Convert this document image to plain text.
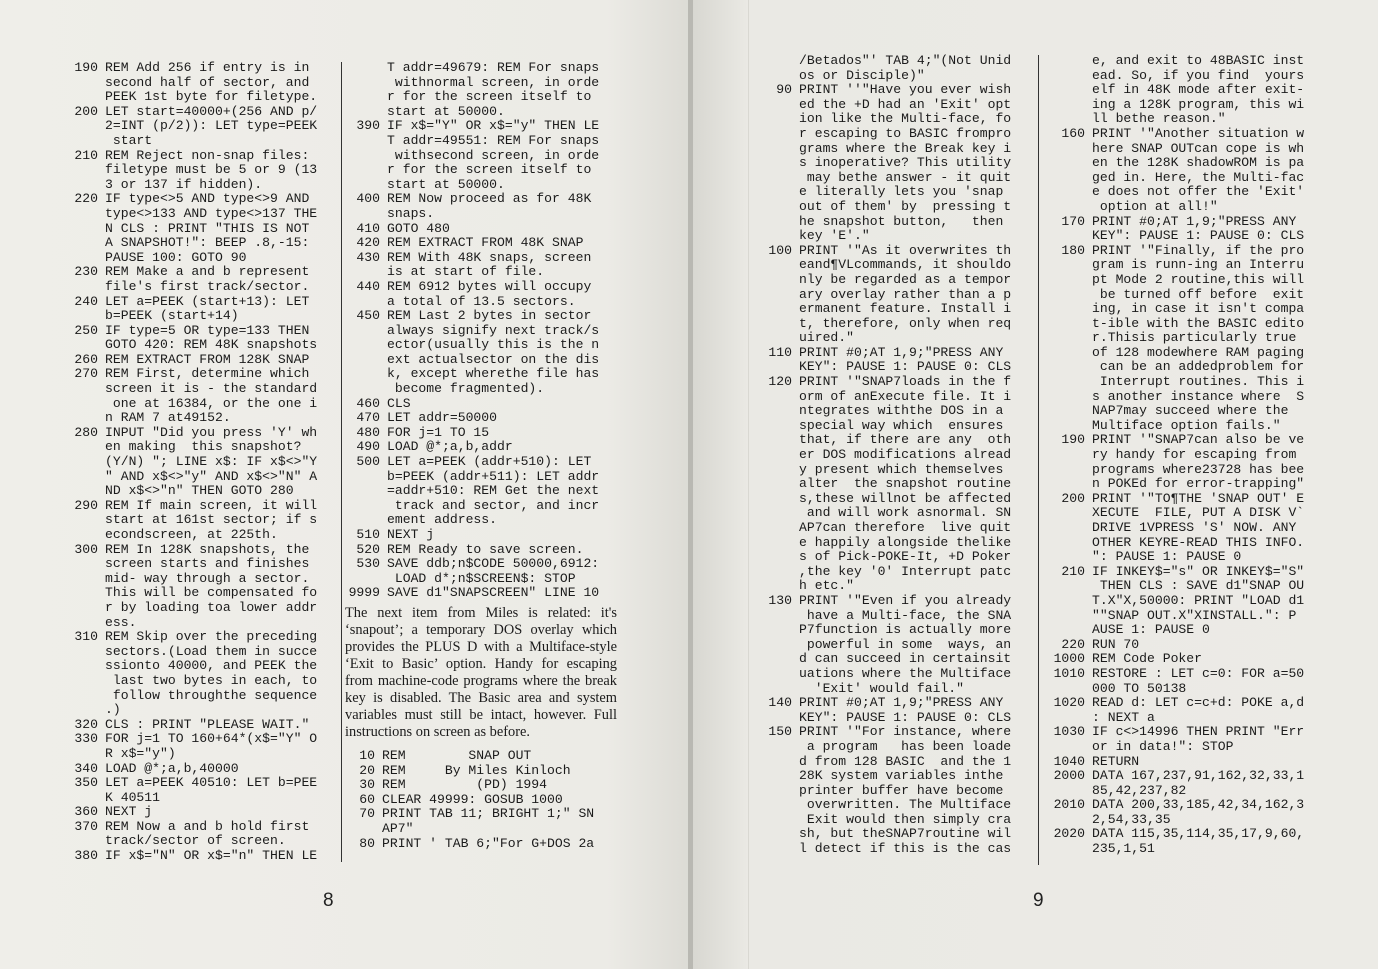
190 REM Add 256 if entry is in
second half of sector, and
PEEK 1st byte for filetype.
200 LET start=40000+(256 AND p/
2=INT (p/2)): LET type=PEEK
start
210 REM Reject non-snap files:
filetype must be 5 or 9 (13
3 or 137 if hidden).
220 IF type<>5 AND type<>9 AND
type<>133 AND type<>137 THE
N CLS : PRINT "THIS IS NOT
A SNAPSHOT!": BEEP .8,-15:
PAUSE 100: GOTO 90
230 REM Make a and b represent
file's first track/sector.
240 LET a=PEEK (start+13): LET
b=PEEK (start+14)
250 IF type=5 OR type=133 THEN
GOTO 420: REM 48K snapshots
260 REM EXTRACT FROM 128K SNAP
270 REM First, determine which
screen it is - the standard
one at 16384, or the one i
n RAM 7 at49152.
280 INPUT "Did you press 'Y' wh
en making  this snapshot?
(Y/N) "; LINE x$: IF x$<>"Y
" AND x$<>"y" AND x$<>"N" A
ND x$<>"n" THEN GOTO 280
290 REM If main screen, it will
start at 161st sector; if s
econdscreen, at 225th.
300 REM In 128K snapshots, the
screen starts and finishes
mid- way through a sector.
This will be compensated fo
r by loading toa lower addr
ess.
310 REM Skip over the preceding
sectors.(Load them in succe
ssionto 40000, and PEEK the
last two bytes in each, to
follow throughthe sequence
.)
320 CLS : PRINT "PLEASE WAIT."
330 FOR j=1 TO 160+64*(x$="Y" O
R x$="y")
340 LOAD @*;a,b,40000
350 LET a=PEEK 40510: LET b=PEE
K 40511
360 NEXT j
370 REM Now a and b hold first
track/sector of screen.
380 IF x$="N" OR x$="n" THEN LE
T addr=49679: REM For snaps
withnormal screen, in orde
r for the screen itself to
start at 50000.
390 IF x$="Y" OR x$="y" THEN LE
T addr=49551: REM For snaps
withsecond screen, in orde
r for the screen itself to
start at 50000.
400 REM Now proceed as for 48K
snaps.
410 GOTO 480
420 REM EXTRACT FROM 48K SNAP
430 REM With 48K snaps, screen
is at start of file.
440 REM 6912 bytes will occupy
a total of 13.5 sectors.
450 REM Last 2 bytes in sector
always signify next track/s
ector(usually this is the n
ext actualsector on the dis
k, except wherethe file has
become fragmented).
460 CLS
470 LET addr=50000
480 FOR j=1 TO 15
490 LOAD @*;a,b,addr
500 LET a=PEEK (addr+510): LET
b=PEEK (addr+511): LET addr
=addr+510: REM Get the next
track and sector, and incr
ement address.
510 NEXT j
520 REM Ready to save screen.
530 SAVE ddb;n$CODE 50000,6912:
LOAD d*;n$SCREEN$: STOP
9999 SAVE d1"SNAPSCREEN" LINE 10

The next item from Miles is related: it's ‘snapout’; a temporary DOS overlay which provides the PLUS D with a Multiface-style ‘Exit to Basic’ option. Handy for escaping from machine-code programs where the break key is disabled. The Basic area and system variables must still be intact, however. Full instructions on screen as before.

10 REM        SNAP OUT
20 REM     By Miles Kinloch
30 REM         (PD) 1994
60 CLEAR 49999: GOSUB 1000
70 PRINT TAB 11; BRIGHT 1;" SN
AP7"
80 PRINT ' TAB 6;"For G+DOS 2a
8
/Betados"' TAB 4;"(Not Unid
os or Disciple)"
90 PRINT ''"Have you ever wish
ed the +D had an 'Exit' opt
ion like the Multi-face, fo
r escaping to BASIC frompro
grams where the Break key i
s inoperative? This utility
may bethe answer - it quit
e literally lets you 'snap
out of them' by  pressing t
he snapshot button,   then
key 'E'."
100 PRINT '"As it overwrites th
eand¶VLcommands, it shouldo
nly be regarded as a tempor
ary overlay rather than a p
ermanent feature. Install i
t, therefore, only when req
uired."
110 PRINT #0;AT 1,9;"PRESS ANY
KEY": PAUSE 1: PAUSE 0: CLS
120 PRINT '"SNAP7loads in the f
orm of anExecute file. It i
ntegrates withthe DOS in a
special way which  ensures
that, if there are any  oth
er DOS modifications alread
y present which themselves
alter  the snapshot routine
s,these willnot be affected
and will work asnormal. SN
AP7can therefore  live quit
e happily alongside thelike
s of Pick-POKE-It, +D Poker
,the key '0' Interrupt patc
h etc."
130 PRINT '"Even if you already
have a Multi-face, the SNA
P7function is actually more
powerful in some  ways, an
d can succeed in certainsit
uations where the Multiface
'Exit' would fail."
140 PRINT #0;AT 1,9;"PRESS ANY
KEY": PAUSE 1: PAUSE 0: CLS
150 PRINT '"For instance, where
a program   has been loade
d from 128 BASIC  and the 1
28K system variables inthe
printer buffer have become
overwritten. The Multiface
Exit would then simply cra
sh, but theSNAP7routine wil
l detect if this is the cas
e, and exit to 48BASIC inst
ead. So, if you find  yours
elf in 48K mode after exit-
ing a 128K program, this wi
ll bethe reason."
160 PRINT '"Another situation w
here SNAP OUTcan cope is wh
en the 128K shadowROM is pa
ged in. Here, the Multi-fac
e does not offer the 'Exit'
option at all!"
170 PRINT #0;AT 1,9;"PRESS ANY
KEY": PAUSE 1: PAUSE 0: CLS
180 PRINT '"Finally, if the pro
gram is runn-ing an Interru
pt Mode 2 routine,this will
be turned off before  exit
ing, in case it isn't compa
t-ible with the BASIC edito
r.Thisis particularly true
of 128 modewhere RAM paging
can be an addedproblem for
Interrupt routines. This i
s another instance where  S
NAP7may succeed where the
Multiface option fails."
190 PRINT '"SNAP7can also be ve
ry handy for escaping from
programs where23728 has bee
n POKEd for error-trapping"
200 PRINT '"TO¶THE 'SNAP OUT' E
XECUTE  FILE, PUT A DISK V`
DRIVE 1VPRESS 'S' NOW. ANY
OTHER KEYRE-READ THIS INFO.
": PAUSE 1: PAUSE 0
210 IF INKEY$="s" OR INKEY$="S"
THEN CLS : SAVE d1"SNAP OU
T.X"X,50000: PRINT "LOAD d1
""SNAP OUT.X"XINSTALL.": P
AUSE 1: PAUSE 0
220 RUN 70
1000 REM Code Poker
1010 RESTORE : LET c=0: FOR a=50
000 TO 50138
1020 READ d: LET c=c+d: POKE a,d
: NEXT a
1030 IF c<>14996 THEN PRINT "Err
or in data!": STOP
1040 RETURN
2000 DATA 167,237,91,162,32,33,1
85,42,237,82
2010 DATA 200,33,185,42,34,162,3
2,54,33,35
2020 DATA 115,35,114,35,17,9,60,
235,1,51
9
